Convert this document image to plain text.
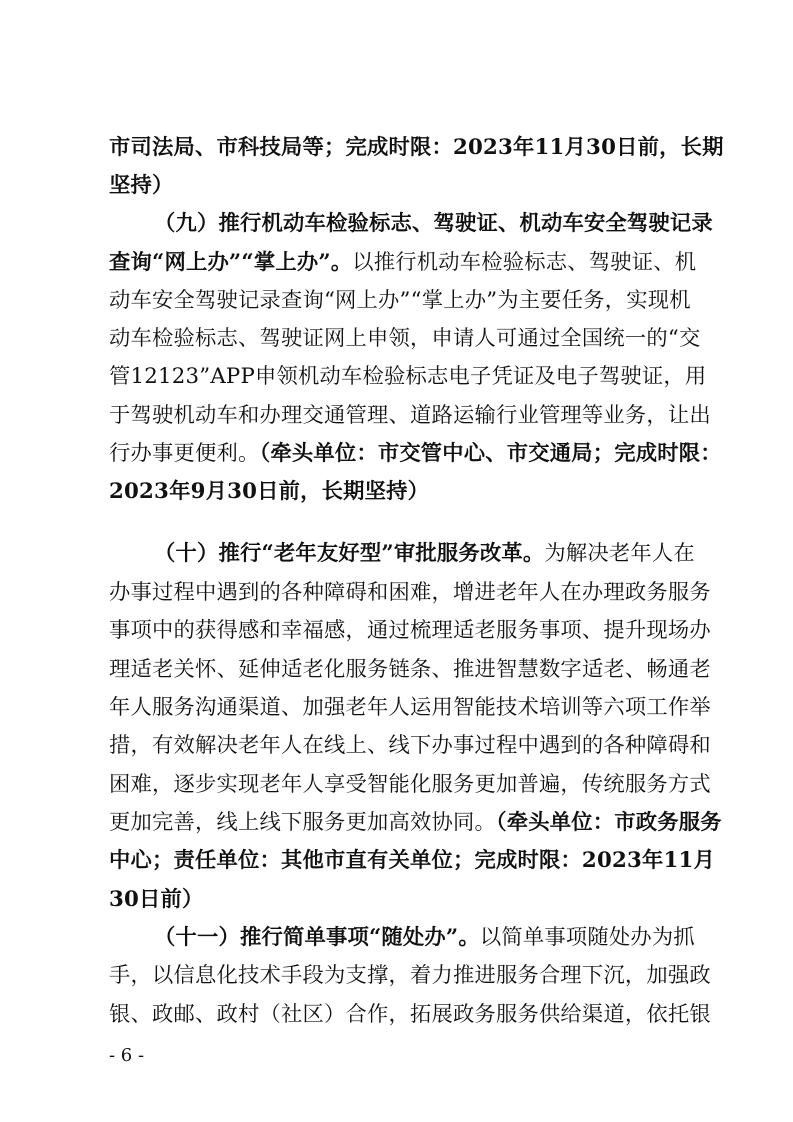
市司法局、市科技局等；完成时限：2023年11月30日前，长期
坚持）
（九）推行机动车检验标志、驾驶证、机动车安全驾驶记录
查询“网上办”“掌上办”。以推行机动车检验标志、驾驶证、机
动车安全驾驶记录查询“网上办”“掌上办”为主要任务，实现机
动车检验标志、驾驶证网上申领，申请人可通过全国统一的“交
管12123”APP申领机动车检验标志电子凭证及电子驾驶证，用
于驾驶机动车和办理交通管理、道路运输行业管理等业务，让出
行办事更便利。（牵头单位：市交管中心、市交通局；完成时限：
2023年9月30日前，长期坚持）
（十）推行“老年友好型”审批服务改革。为解决老年人在
办事过程中遇到的各种障碍和困难，增进老年人在办理政务服务
事项中的获得感和幸福感，通过梳理适老服务事项、提升现场办
理适老关怀、延伸适老化服务链条、推进智慧数字适老、畅通老
年人服务沟通渠道、加强老年人运用智能技术培训等六项工作举
措，有效解决老年人在线上、线下办事过程中遇到的各种障碍和
困难，逐步实现老年人享受智能化服务更加普遍，传统服务方式
更加完善，线上线下服务更加高效协同。（牵头单位：市政务服务
中心；责任单位：其他市直有关单位；完成时限：2023年11月
30日前）
（十一）推行简单事项“随处办”。以简单事项随处办为抓
手，以信息化技术手段为支撑，着力推进服务合理下沉，加强政
银、政邮、政村（社区）合作，拓展政务服务供给渠道，依托银
- 6 -
